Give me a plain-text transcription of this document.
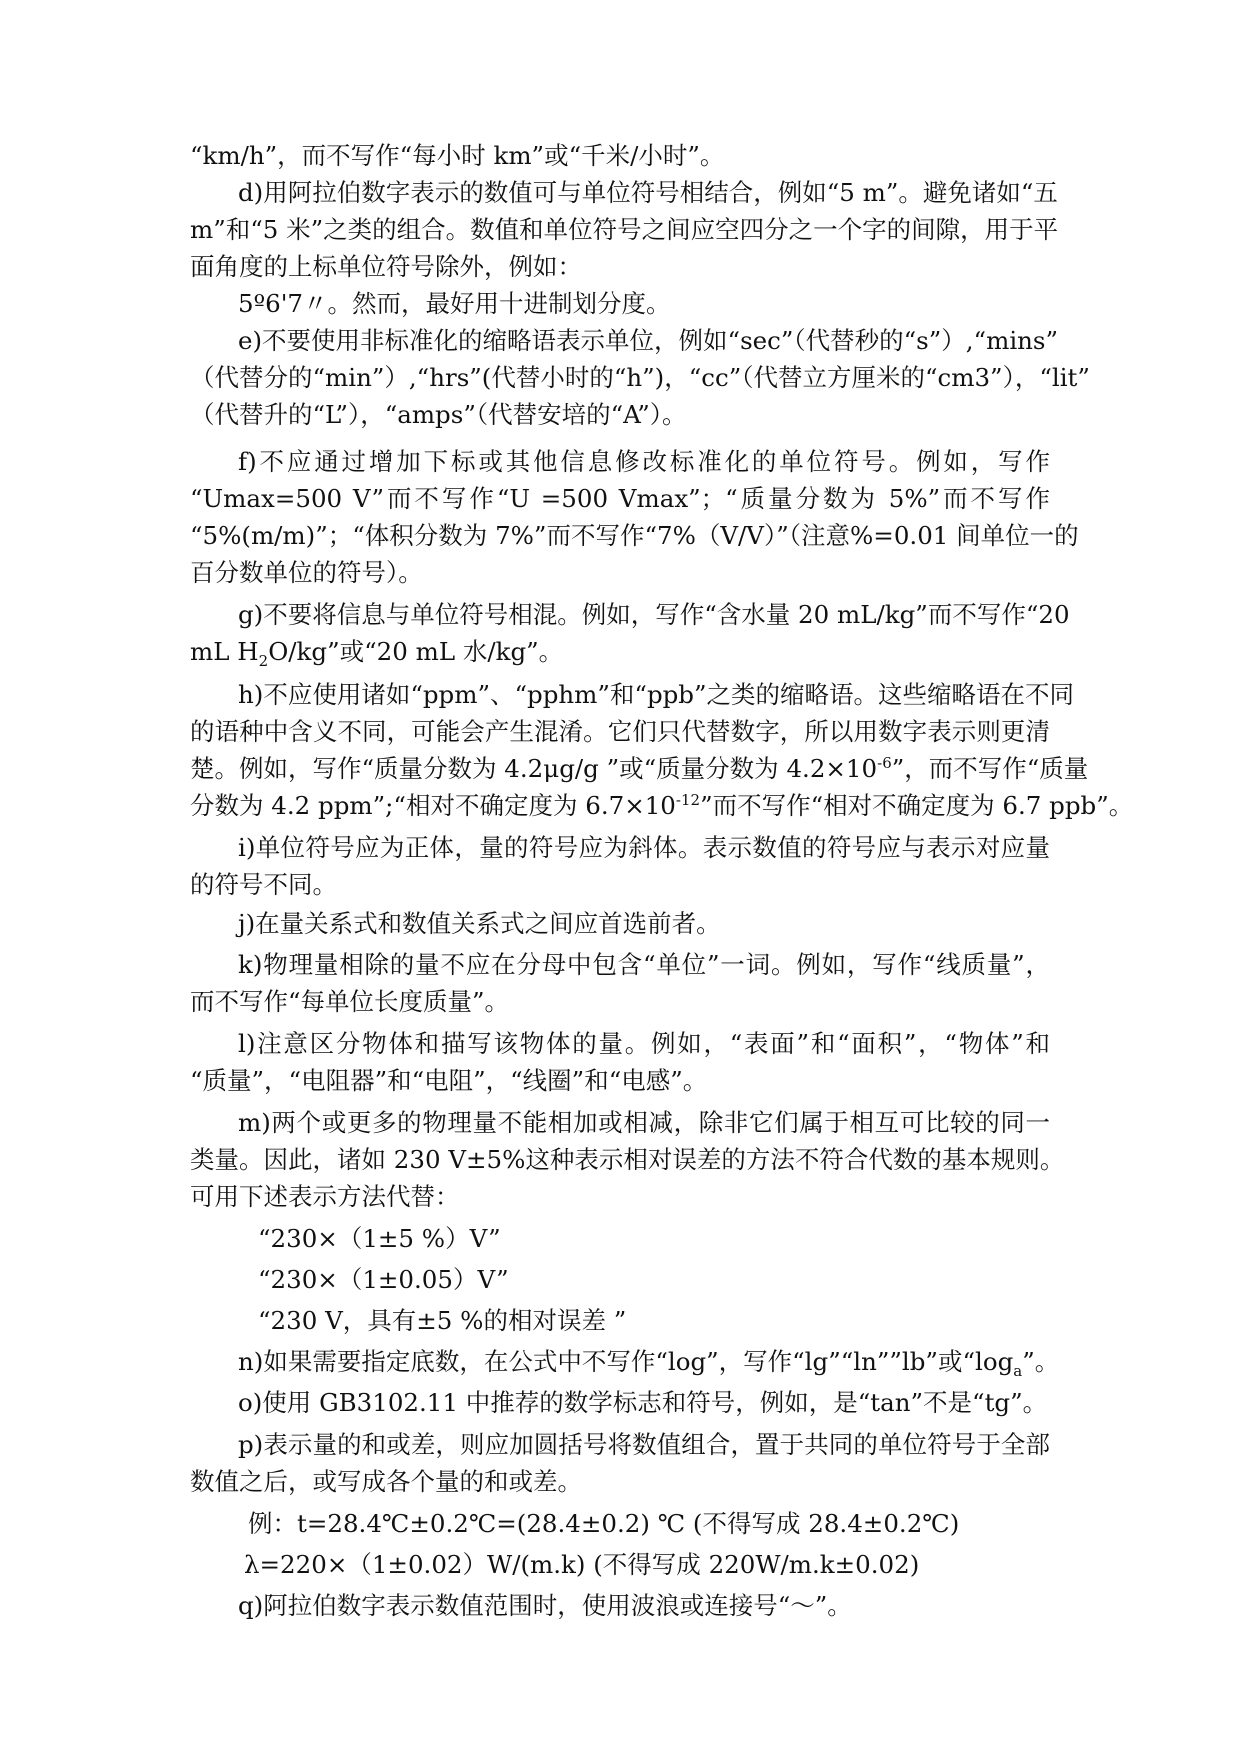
“km/h”，而不写作“每小时 km”或“千米/小时”。

d)用阿拉伯数字表示的数值可与单位符号相结合，例如“5 m”。避免诸如“五

m”和“5 米”之类的组合。数值和单位符号之间应空四分之一个字的间隙，用于平

面角度的上标单位符号除外，例如：

5º6'7〃。然而，最好用十进制划分度。

e)不要使用非标准化的缩略语表示单位，例如“sec”（代替秒的“s”）,“mins”

（代替分的“min”）,“hrs”(代替小时的“h”)，“cc”（代替立方厘米的“cm3”），“lit”

（代替升的“L”），“amps”（代替安培的“A”）。

f)不应通过增加下标或其他信息修改标准化的单位符号。例如，写作

“Umax=500 V”而不写作“U =500 Vmax”；“质量分数为 5%”而不写作

“5%(m/m)”；“体积分数为 7%”而不写作“7%（V/V）”（注意%=0.01 间单位一的

百分数单位的符号）。

g)不要将信息与单位符号相混。例如，写作“含水量 20 mL/kg”而不写作“20

mL $H_2O/kg$”或“20 mL 水/kg”。

h)不应使用诸如“ppm”、“pphm”和“ppb”之类的缩略语。这些缩略语在不同

的语种中含义不同，可能会产生混淆。它们只代替数字，所以用数字表示则更清

楚。例如，写作“质量分数为 4.2μg/g ”或“质量分数为 $4.2\times 10^{-6}$”，而不写作“质量

分数为 4.2 ppm”;“相对不确定度为 $6.7\times 10^{-12}$”而不写作“相对不确定度为 6.7 ppb”。

i)单位符号应为正体，量的符号应为斜体。表示数值的符号应与表示对应量

的符号不同。

j)在量关系式和数值关系式之间应首选前者。

k)物理量相除的量不应在分母中包含“单位”一词。例如，写作“线质量”，

而不写作“每单位长度质量”。

l)注意区分物体和描写该物体的量。例如，“表面”和“面积”，“物体”和

“质量”，“电阻器”和“电阻”，“线圈”和“电感”。

m)两个或更多的物理量不能相加或相减，除非它们属于相互可比较的同一

类量。因此，诸如 230 V±5%这种表示相对误差的方法不符合代数的基本规则。

可用下述表示方法代替：

“230×（1±5 %）V”

“230×（1±0.05）V”

“230 V，具有±5 %的相对误差 ”

n)如果需要指定底数，在公式中不写作“log”，写作“lg”“ln””lb”或“$\log_a$”。

o)使用 GB3102.11 中推荐的数学标志和符号，例如，是“tan”不是“tg”。

p)表示量的和或差，则应加圆括号将数值组合，置于共同的单位符号于全部

数值之后，或写成各个量的和或差。

例：t=28.4℃±0.2℃=(28.4±0.2) ℃ (不得写成 28.4±0.2℃)

λ=220×（1±0.02）W/(m.k) (不得写成 220W/m.k±0.02)

q)阿拉伯数字表示数值范围时，使用波浪或连接号“～”。
